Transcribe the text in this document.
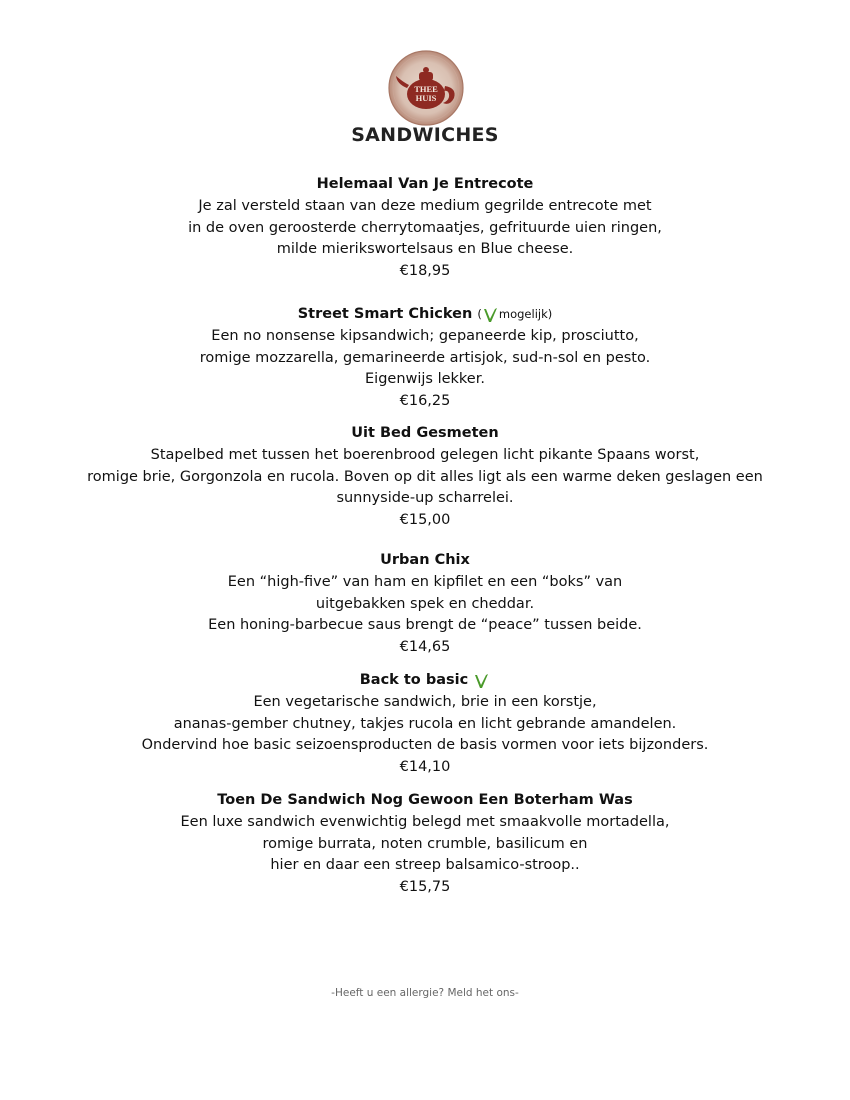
THEE
HUIS
SANDWICHES
Helemaal Van Je Entrecote
Je zal versteld staan van deze medium gegrilde entrecote met
in de oven geroosterde cherrytomaatjes, gefrituurde uien ringen,
milde mierikswortelsaus en Blue cheese.
€18,95
Street Smart Chicken ( mogelijk)
Een no nonsense kipsandwich; gepaneerde kip, prosciutto,
romige mozzarella, gemarineerde artisjok, sud-n-sol en pesto.
Eigenwijs lekker.
€16,25
Uit Bed Gesmeten
Stapelbed met tussen het boerenbrood gelegen licht pikante Spaans worst,
romige brie, Gorgonzola en rucola. Boven op dit alles ligt als een warme deken geslagen een
sunnyside-up scharrelei.
€15,00
Urban Chix
Een “high-five” van ham en kipfilet en een “boks” van
uitgebakken spek en cheddar.
Een honing-barbecue saus brengt de “peace” tussen beide.
€14,65
Back to basic
Een vegetarische sandwich, brie in een korstje,
ananas-gember chutney, takjes rucola en licht gebrande amandelen.
Ondervind hoe basic seizoensproducten de basis vormen voor iets bijzonders.
€14,10
Toen De Sandwich Nog Gewoon Een Boterham Was
Een luxe sandwich evenwichtig belegd met smaakvolle mortadella,
romige burrata, noten crumble, basilicum en
hier en daar een streep balsamico-stroop..
€15,75
-Heeft u een allergie? Meld het ons-
